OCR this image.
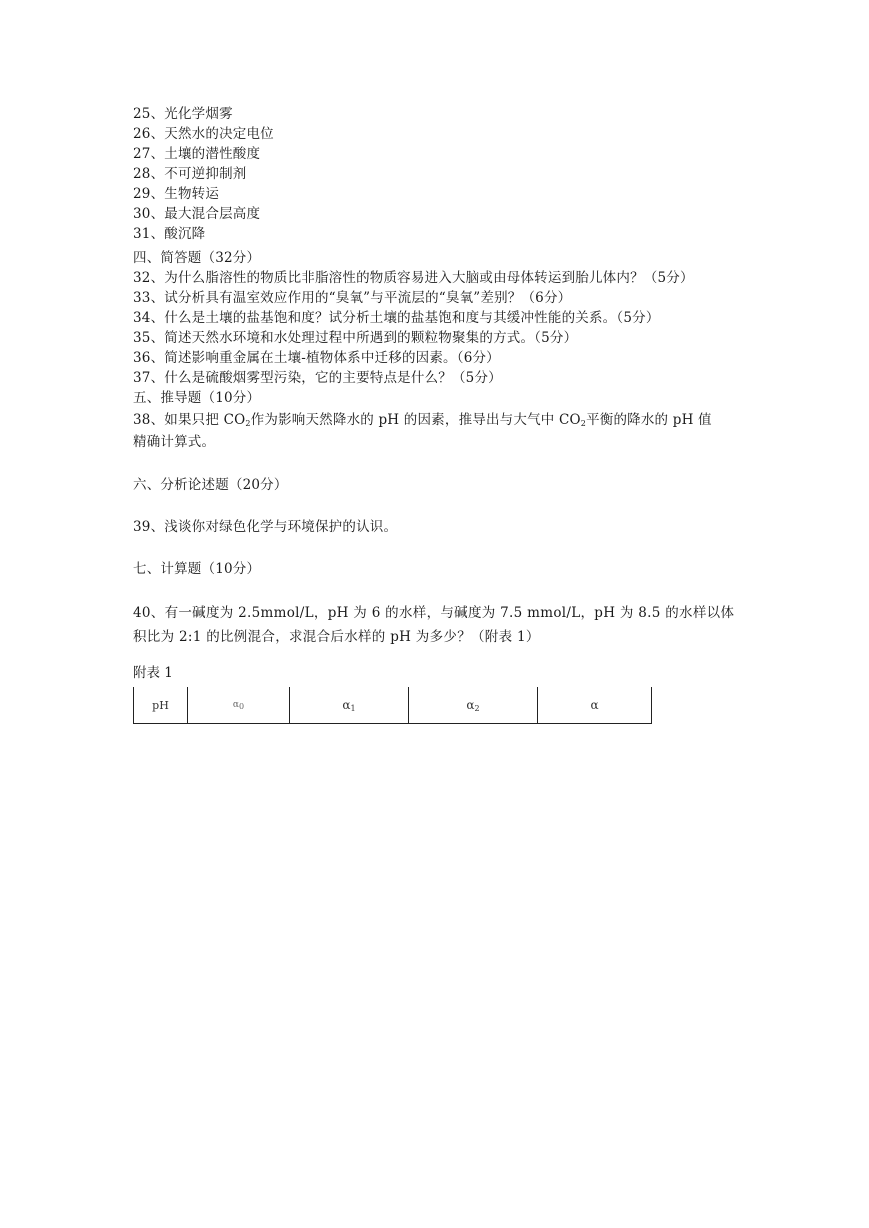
25、光化学烟雾
26、天然水的决定电位
27、土壤的潜性酸度
28、不可逆抑制剂
29、生物转运
30、最大混合层高度
31、酸沉降
四、简答题（32分）
32、为什么脂溶性的物质比非脂溶性的物质容易进入大脑或由母体转运到胎儿体内？（5分）
33、试分析具有温室效应作用的“臭氧”与平流层的“臭氧”差别？（6分）
34、什么是土壤的盐基饱和度？试分析土壤的盐基饱和度与其缓冲性能的关系。（5分）
35、简述天然水环境和水处理过程中所遇到的颗粒物聚集的方式。（5分）
36、简述影响重金属在土壤-植物体系中迁移的因素。（6分）
37、什么是硫酸烟雾型污染，它的主要特点是什么？（5分）
五、推导题（10分）
38、如果只把 $CO_2$作为影响天然降水的 pH 的因素，推导出与大气中 $CO_2$平衡的降水的 pH 值
精确计算式。
六、分析论述题（20分）
39、浅谈你对绿色化学与环境保护的认识。
七、计算题（10分）
40、有一碱度为 2.5mmol/L，pH 为 6 的水样，与碱度为 7.5 mmol/L，pH 为 8.5 的水样以体
积比为 2:1 的比例混合，求混合后水样的 pH 为多少？（附表 1）
附表 1
pH	α0	α1	α2	α
